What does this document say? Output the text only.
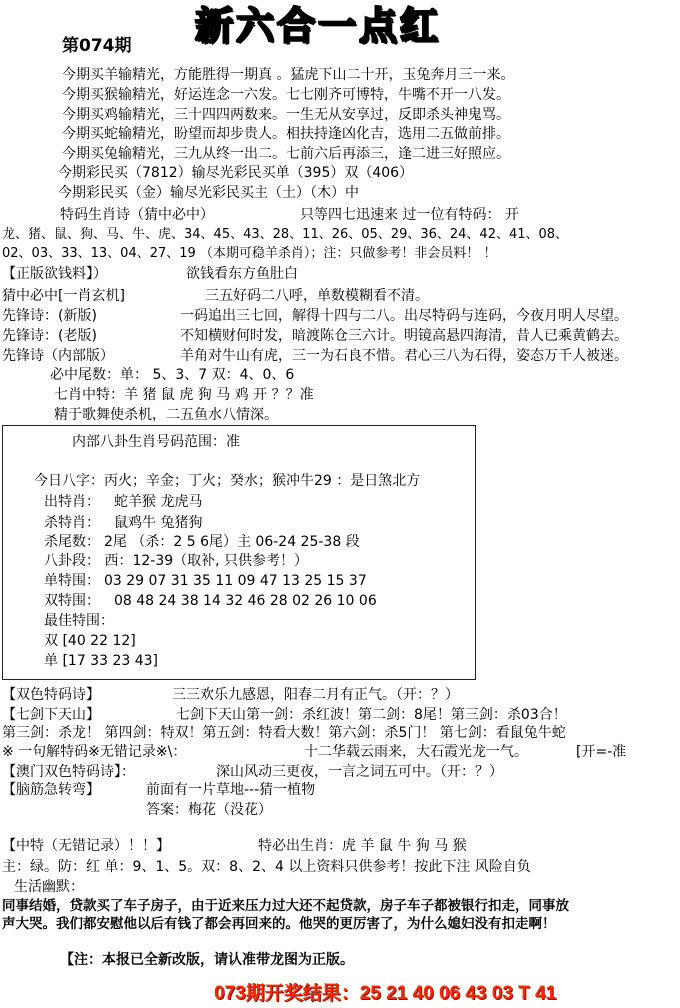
第074期 新六合一点红
今期买羊输精光，方能胜得一期真 。猛虎下山二十开，玉兔奔月三一来。
今期买猴输精光，好运连念一六发。七七刚齐可博特，牛嘴不开一八发。
今期买鸡输精光，三十四四两数来。一生无从安享过，反即杀头神鬼骂。
今期买蛇输精光，盼望而却步贵人。相扶持逢凶化吉，选用二五做前排。
今期买兔输精光，三九从终一出二。七前六后再添三，逢二进三好照应。
今期彩民买（7812）输尽光彩民买单（395）双（406）
今期彩民买（金）输尽光彩民买主（土）（木）中
特码生肖诗（猜中必中）	只等四七迅速来 过一位有特码： 开
龙、猪、鼠、狗、马、牛、虎、34、45、43、28、11、26、05、29、36、24、42、41、08、
02、03、33、13、04、27、19 （本期可稳羊杀肖）；注：只做参考！非会员料！ ！
【正版欲钱料】）	欲钱看东方鱼肚白
猜中必中[一肖玄机]	三五好码二八呼，单数模糊看不清。
先锋诗：(新版)	一码追出三七回，解得十四与二八。出尽特码与连码，今夜月明人尽望。
先锋诗：(老版)	不知横财何时发，暗渡陈仓三六计。明镜高悬四海清，昔人已乘黄鹤去。
先锋诗（内部版）	羊角对牛山有虎，三一为石良不惜。君心三八为石得，姿态万千人被迷。
必中尾数：单： 5、3、7 双：4、0、6
七肖中特：羊 猪 鼠 虎 狗 马 鸡 开 ？？准
精于歌舞使杀机，二五鱼水八情深。
内部八卦生肖号码范围：准
今日八字：丙火；辛金；丁火；癸水；猴冲牛29 ：是日煞北方
出特肖： 蛇羊猴 龙虎马
杀特肖： 鼠鸡牛 兔猪狗
杀尾数： 2尾 （杀：2 5 6尾）主 06-24 25-38 段
八卦段： 西：12-39（取补, 只供参考！）
单特围： 03 29 07 31 35 11 09 47 13 25 15 37
双特围： 08 48 24 38 14 32 46 28 02 26 10 06
最佳特围：
双 [40 22 12]
单 [17 33 23 43]
【双色特码诗】	三三欢乐九感恩，阳春二月有正气。（开：？）
【七剑下天山】	七剑下天山第一剑：杀红波！第二剑：8尾！第三剑：杀03合！
第三剑：杀龙！ 第四剑：特双！第五剑：特看大数！第六剑：杀5门！ 第七剑：看鼠兔牛蛇
※ 一句解特码※无错记录※\：	十二华载云雨来，大石霞光龙一气。	[开=-准
【澳门双色特码诗】：	深山风动三更夜，一言之词五可中。（开：？）
【脑筋急转弯】	前面有一片草地---猜一植物
答案：梅花（没花）
【中特（无错记录）！！】	特必出生肖：虎 羊 鼠 牛 狗 马 猴
主：绿。防：红 单：9、1、5。双：8、2、4 以上资料只供参考！按此下注 风险自负
生活幽默：
同事结婚，贷款买了车子房子，由于近来压力过大还不起贷款，房子车子都被银行扣走，同事放
声大哭。我们都安慰他以后有钱了都会再回来的。他哭的更厉害了，为什么媳妇没有扣走啊！
【注：本报已全新改版，请认准带龙图为正版。
073期开奖结果：25 21 40 06 43 03 T 41
